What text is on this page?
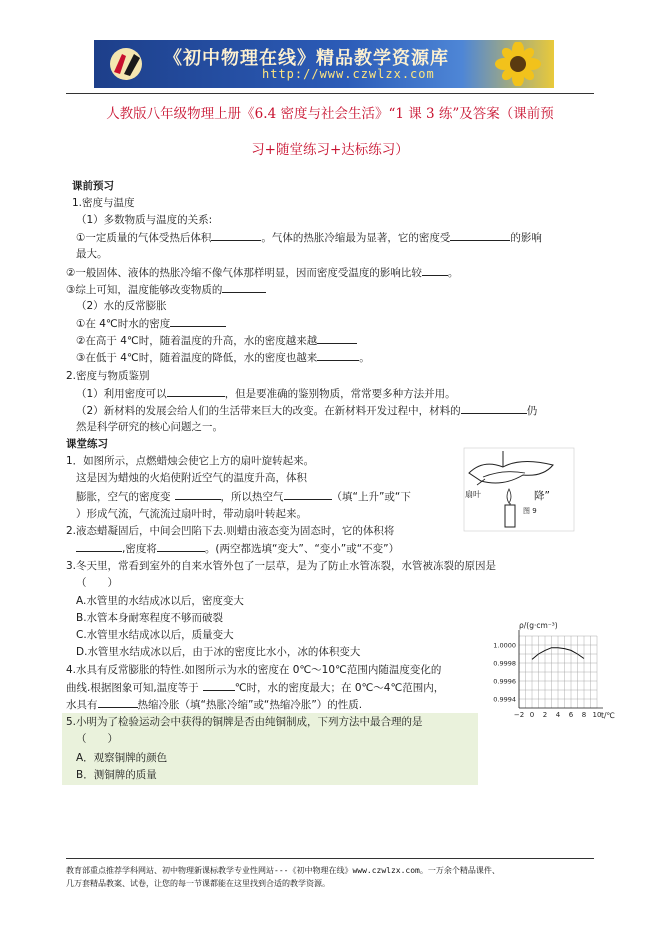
《初中物理在线》精品教学资源库
http://www.czwlzx.com
人教版八年级物理上册《6.4 密度与社会生活》“1 课 3 练”及答案（课前预
习+随堂练习+达标练习）
课前预习
1.密度与温度
（1）多数物质与温度的关系:
①一定质量的气体受热后体积	。气体的热胀冷缩最为显著，它的密度受	的影响
最大。
②一般固体、液体的热胀冷缩不像气体那样明显，因而密度受温度的影响比较 。
③综上可知，温度能够改变物质的
（2）水的反常膨胀
①在 4℃时水的密度
②在高于 4℃时，随着温度的升高，水的密度越来越
③在低于 4℃时，随着温度的降低，水的密度也越来	。
2.密度与物质鉴别
（1）利用密度可以	，但是要准确的鉴别物质，常常要多种方法并用。
（2）新材料的发展会给人们的生活带来巨大的改变。在新材料开发过程中，材料的	仍
然是科学研究的核心问题之一。
课堂练习
1．如图所示，点燃蜡烛会使它上方的扇叶旋转起来。
这是因为蜡烛的火焰使附近空气的温度升高，体积
膨胀，空气的密度变	，所以热空气	（填“上升”或“下	降”
）形成气流，气流流过扇叶时，带动扇叶转起来。
扇叶
图 9
2.液态蜡凝固后，中间会凹陷下去.则蜡由液态变为固态时，它的体积将
,密度将	。(两空都选填“变大”、“变小”或“不变”）
3.冬天里，常看到室外的自来水管外包了一层草，是为了防止水管冻裂，水管被冻裂的原因是
（　　）
A.水管里的水结成冰以后，密度变大
B.水管本身耐寒程度不够而破裂
C.水管里水结成冰以后，质量变大
D.水管里水结成冰以后，由于冰的密度比水小，冰的体积变大
4.水具有反常膨胀的特性.如图所示为水的密度在 0℃～10℃范围内随温度变化的
曲线.根据图象可知,温度等于	℃时，水的密度最大；在 0℃～4℃范围内，
水具有	热缩冷胀（填“热胀冷缩”或“热缩冷胀”）的性质.
−2 0 2 4 6 8 10
1.0000
0.9998
0.9996
0.9994
ρ/(g·cm⁻³)
t/℃
5.小明为了检验运动会中获得的铜牌是否由纯铜制成，下列方法中最合理的是
（　　）
A．观察铜牌的颜色
B．测铜牌的质量
教育部重点推荐学科网站、初中物理新课标教学专业性网站---《初中物理在线》www.czwlzx.com。一万余个精品课件、
几万套精品教案、试卷，让您的每一节课都能在这里找到合适的教学资源。
